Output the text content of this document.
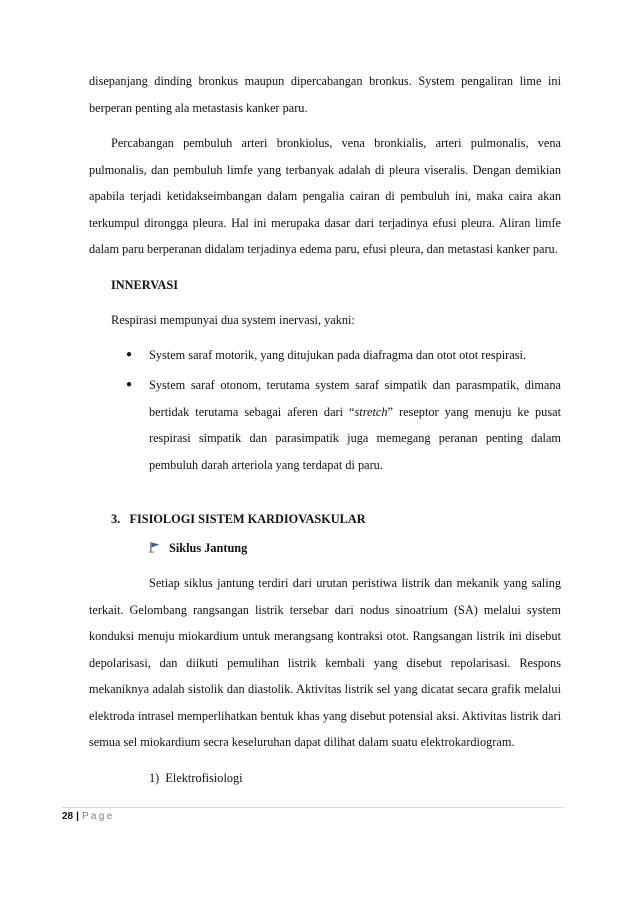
disepanjang dinding bronkus maupun dipercabangan bronkus. System pengaliran lime ini berperan penting ala metastasis kanker paru.

Percabangan pembuluh arteri bronkiolus, vena bronkialis, arteri pulmonalis, vena pulmonalis, dan pembuluh limfe yang terbanyak adalah di pleura viseralis. Dengan demikian apabila terjadi ketidakseimbangan dalam pengalia cairan di pembuluh ini, maka caira akan terkumpul dirongga pleura. Hal ini merupaka dasar dari terjadinya efusi pleura. Aliran limfe dalam paru berperanan didalam terjadinya edema paru, efusi pleura, dan metastasi kanker paru.

INNERVASI
Respirasi mempunyai dua system inervasi, yakni:
● System saraf motorik, yang ditujukan pada diafragma dan otot otot respirasi.
● System saraf otonom, terutama system saraf simpatik dan parasmpatik, dimana bertidak terutama sebagai aferen dari “stretch” reseptor yang menuju ke pusat respirasi simpatik dan parasimpatik juga memegang peranan penting dalam pembuluh darah arteriola yang terdapat di paru.
3.   FISIOLOGI SISTEM KARDIOVASKULAR
Siklus Jantung

Setiap siklus jantung terdiri dari urutan peristiwa listrik dan mekanik yang saling terkait. Gelombang rangsangan listrik tersebar dari nodus sinoatrium (SA) melalui system konduksi menuju miokardium untuk merangsang kontraksi otot. Rangsangan listrik ini disebut depolarisasi, dan diikuti pemulihan listrik kembali yang disebut repolarisasi. Respons mekaniknya adalah sistolik dan diastolik. Aktivitas listrik sel yang dicatat secara grafik melalui elektroda intrasel memperlihatkan bentuk khas yang disebut potensial aksi. Aktivitas listrik dari semua sel miokardium secra keseluruhan dapat dilihat dalam suatu elektrokardiogram.

1)  Elektrofisiologi
28 | Page
